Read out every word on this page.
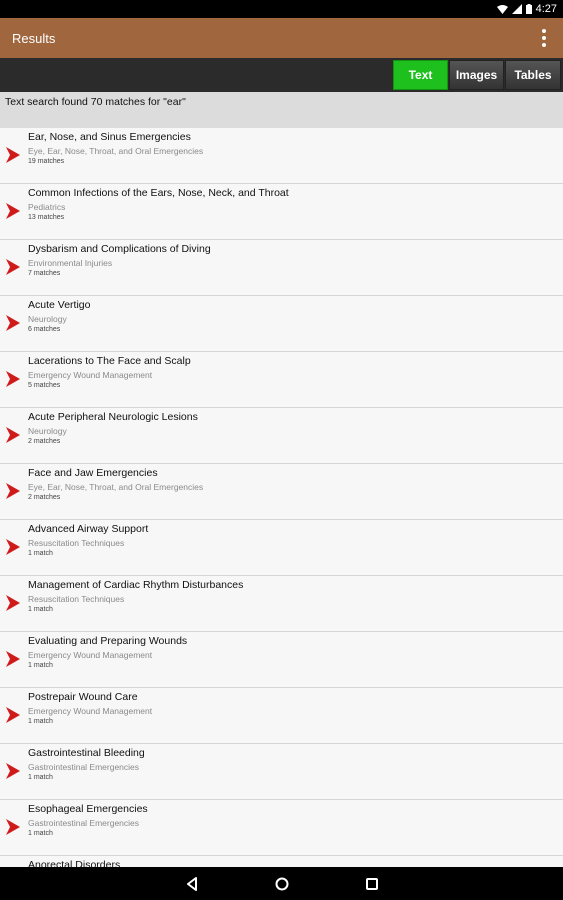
4:27
Results
Text	Images	Tables
Text search found 70 matches for "ear"
Ear, Nose, and Sinus Emergencies
Eye, Ear, Nose, Throat, and Oral Emergencies
19 matches
Common Infections of the Ears, Nose, Neck, and Throat
Pediatrics
13 matches
Dysbarism and Complications of Diving
Environmental Injuries
7 matches
Acute Vertigo
Neurology
6 matches
Lacerations to The Face and Scalp
Emergency Wound Management
5 matches
Acute Peripheral Neurologic Lesions
Neurology
2 matches
Face and Jaw Emergencies
Eye, Ear, Nose, Throat, and Oral Emergencies
2 matches
Advanced Airway Support
Resuscitation Techniques
1 match
Management of Cardiac Rhythm Disturbances
Resuscitation Techniques
1 match
Evaluating and Preparing Wounds
Emergency Wound Management
1 match
Postrepair Wound Care
Emergency Wound Management
1 match
Gastrointestinal Bleeding
Gastrointestinal Emergencies
1 match
Esophageal Emergencies
Gastrointestinal Emergencies
1 match
Anorectal Disorders
